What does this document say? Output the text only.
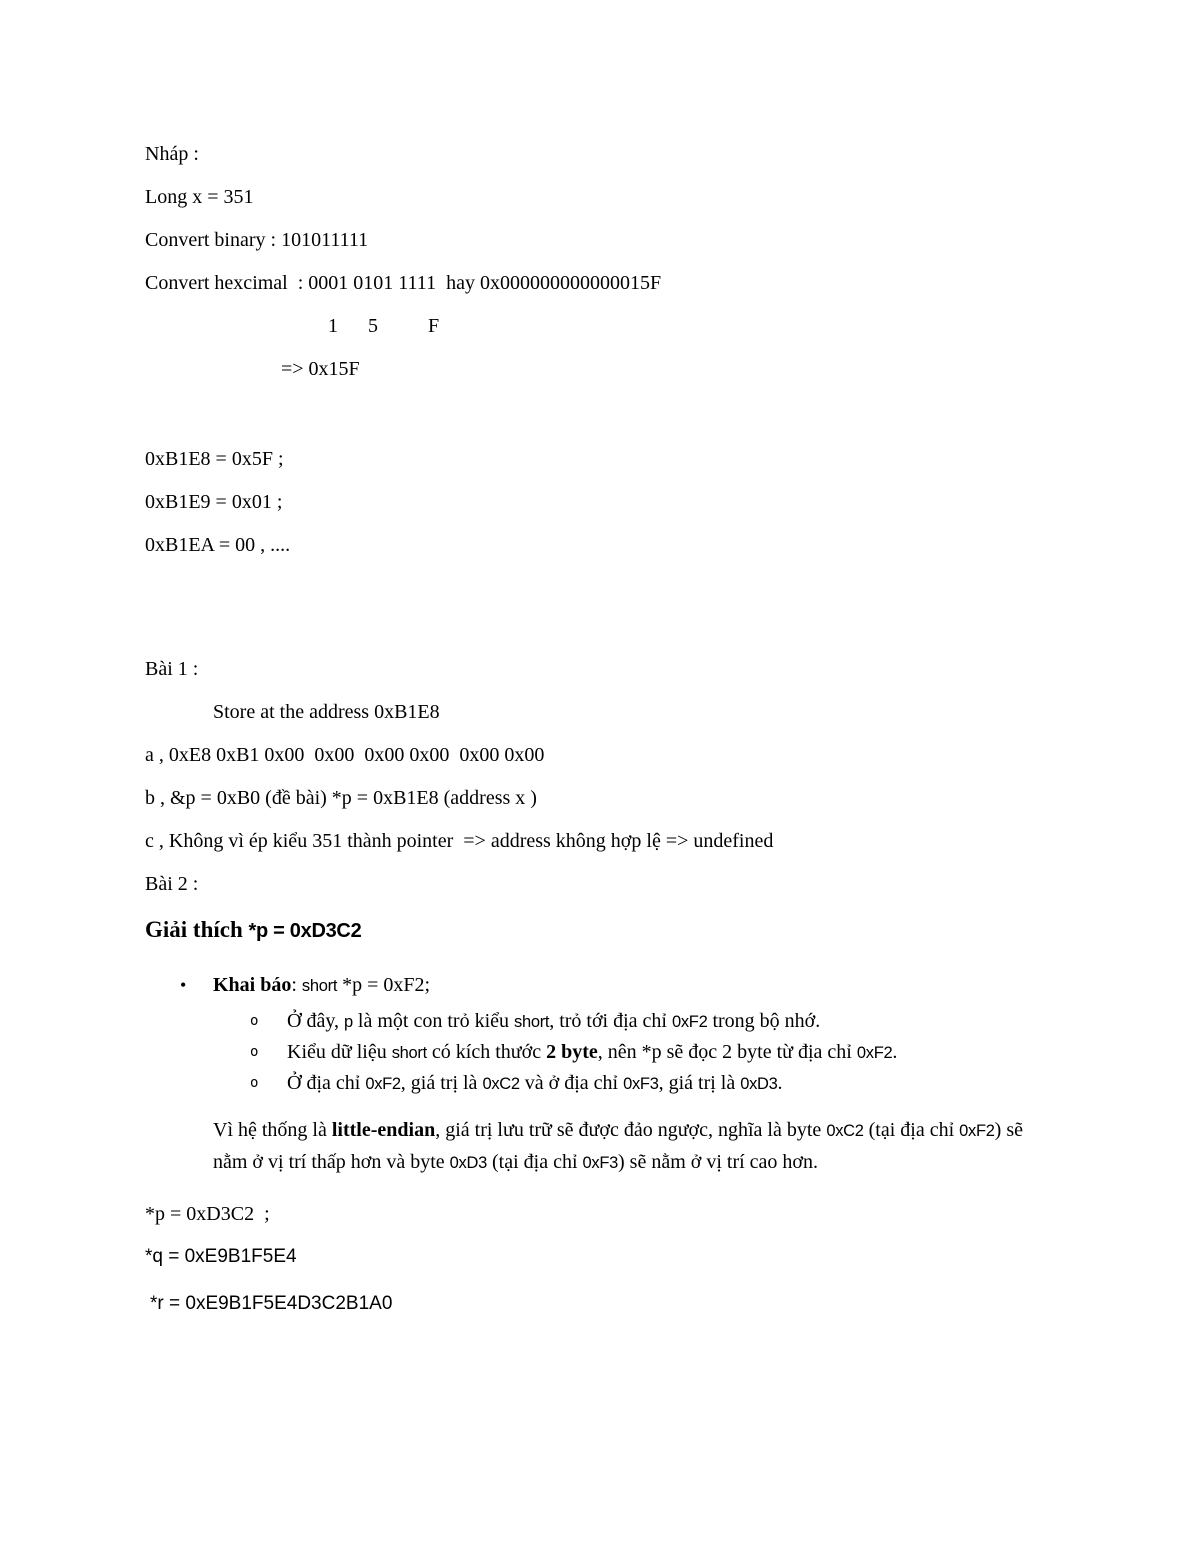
Nháp :

Long x = 351

Convert binary : 101011111

Convert hexcimal  : 0001 0101 1111  hay 0x000000000000015F

1      5          F

=> 0x15F

0xB1E8 = 0x5F ;

0xB1E9 = 0x01 ;

0xB1EA = 00 , ....

Bài 1 :

Store at the address 0xB1E8

a , 0xE8 0xB1 0x00  0x00  0x00 0x00  0x00 0x00

b , &p = 0xB0 (đề bài) *p = 0xB1E8 (address x )

c , Không vì ép kiểu 351 thành pointer  => address không hợp lệ => undefined

Bài 2 :

Giải thích *p = 0xD3C2
•	Khai báo: short *p = 0xF2;
o	Ở đây, p là một con trỏ kiểu short, trỏ tới địa chỉ 0xF2 trong bộ nhớ.
o	Kiểu dữ liệu short có kích thước 2 byte, nên *p sẽ đọc 2 byte từ địa chỉ 0xF2.
o	Ở địa chỉ 0xF2, giá trị là 0xC2 và ở địa chỉ 0xF3, giá trị là 0xD3.

Vì hệ thống là little-endian, giá trị lưu trữ sẽ được đảo ngược, nghĩa là byte 0xC2 (tại địa chỉ 0xF2) sẽ nằm ở vị trí thấp hơn và byte 0xD3 (tại địa chỉ 0xF3) sẽ nằm ở vị trí cao hơn.

*p = 0xD3C2  ;

*q = 0xE9B1F5E4

*r = 0xE9B1F5E4D3C2B1A0
